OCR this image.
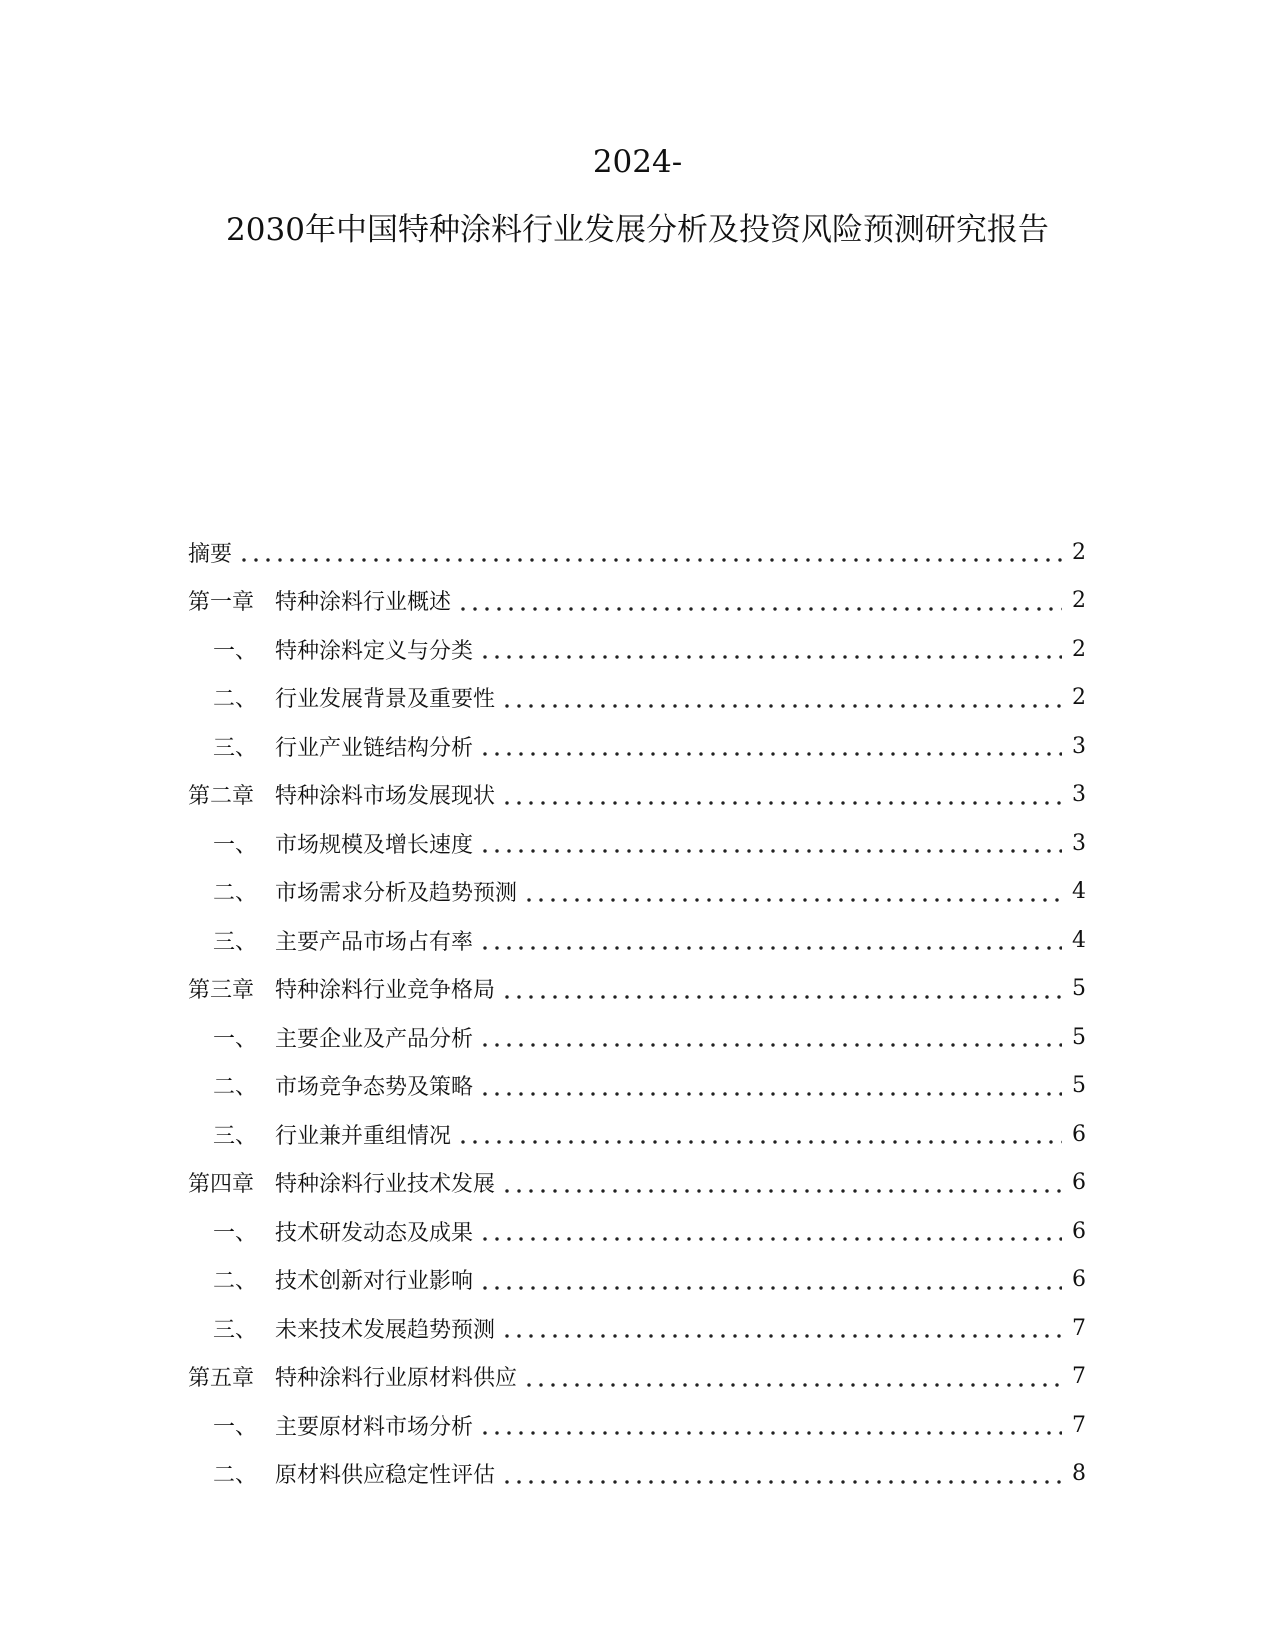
2024-
2030年中国特种涂料行业发展分析及投资风险预测研究报告
摘要	2
第一章 特种涂料行业概述	2
一、 特种涂料定义与分类	2
二、 行业发展背景及重要性	2
三、 行业产业链结构分析	3
第二章 特种涂料市场发展现状	3
一、 市场规模及增长速度	3
二、 市场需求分析及趋势预测	4
三、 主要产品市场占有率	4
第三章 特种涂料行业竞争格局	5
一、 主要企业及产品分析	5
二、 市场竞争态势及策略	5
三、 行业兼并重组情况	6
第四章 特种涂料行业技术发展	6
一、 技术研发动态及成果	6
二、 技术创新对行业影响	6
三、 未来技术发展趋势预测	7
第五章 特种涂料行业原材料供应	7
一、 主要原材料市场分析	7
二、 原材料供应稳定性评估	8
